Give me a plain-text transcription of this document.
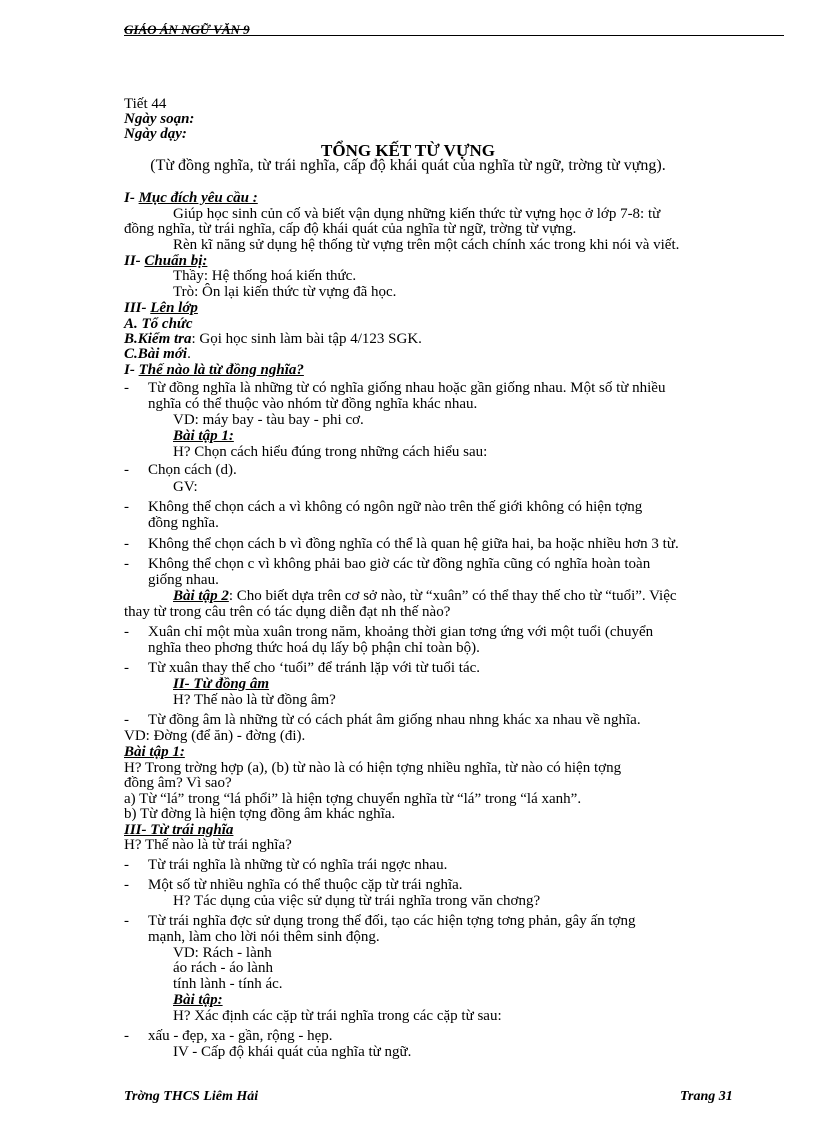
GIÁO ÁN NGỮ VĂN 9
Tiết 44
Ngày soạn:
Ngày dạy:
TỔNG KẾT TỪ VỰNG
(Từ đồng nghĩa, từ trái nghĩa, cấp độ khái quát của nghĩa từ ngữ, trờng từ vựng).
I- Mục đích yêu cầu :
Giúp học sinh củn cố và biết vận dụng những kiến thức từ vựng học ở lớp 7-8: từ
đồng nghĩa, từ trái nghĩa, cấp độ khái quát của nghĩa từ ngữ, trờng từ vựng.
Rèn kĩ năng sử dụng hệ thống từ vựng trên một cách chính xác trong khi nói và viết.
II- Chuẩn bị:
Thầy: Hệ thống hoá kiến thức.
Trò: Ôn lại kiến thức từ vựng đã học.
III- Lên lớp
A. Tổ chức
B.Kiểm tra: Gọi học sinh làm bài tập 4/123 SGK.
C.Bài mới.
I- Thế nào là từ đồng nghĩa?
- Từ đồng nghĩa là những từ có nghĩa giống nhau hoặc gần giống nhau. Một số từ nhiều
nghĩa có thể thuộc vào nhóm từ đồng nghĩa khác nhau.
VD: máy bay - tàu bay - phi cơ.
Bài tập 1:
H? Chọn cách hiểu đúng trong những cách hiểu sau:
- Chọn cách (d).
GV:
- Không thể chọn cách a vì không có ngôn ngữ nào trên thế giới không có hiện tợng
đồng nghĩa.
- Không thể chọn cách b vì đồng nghĩa có thể là quan hệ giữa hai, ba hoặc nhiều hơn 3 từ.
- Không thể chọn c vì không phải bao giờ các từ đồng nghĩa cũng có nghĩa hoàn toàn
giống nhau.
Bài tập 2: Cho biết dựa trên cơ sở nào, từ “xuân” có thể thay thế cho từ “tuổi”. Việc
thay từ trong câu trên có tác dụng diễn đạt nh thế nào?
- Xuân chỉ một mùa xuân trong năm, khoảng thời gian tơng ứng với một tuổi (chuyển
nghĩa theo phơng thức hoá dụ lấy bộ phận chỉ toàn bộ).
- Từ xuân thay thế cho ‘tuổi” để tránh lặp với từ tuổi tác.
II- Từ đồng âm
H? Thế nào là từ đồng âm?
- Từ đồng âm là những từ có cách phát âm giống nhau nhng khác xa nhau về nghĩa.
VD: Đờng (để ăn) - đờng (đi).
Bài tập 1:
H? Trong trờng hợp (a), (b) từ nào là có hiện tợng nhiều nghĩa, từ nào có hiện tợng
đồng âm? Vì sao?
a) Từ “lá” trong “lá phổi” là hiện tợng chuyển nghĩa từ “lá” trong “lá xanh”.
b) Từ đờng là hiện tợng đồng âm khác nghĩa.
III- Từ trái nghĩa
H? Thế nào là từ trái nghĩa?
- Từ trái nghĩa là những từ có nghĩa trái ngợc nhau.
- Một số từ nhiều nghĩa có thể thuộc cặp từ trái nghĩa.
H? Tác dụng của việc sử dụng từ trái nghĩa trong văn chơng?
- Từ trái nghĩa đợc sử dụng trong thể đối, tạo các hiện tợng tơng phản, gây ấn tợng
mạnh, làm cho lời nói thêm sinh động.
VD: Rách - lành
áo rách - áo lành
tính lành - tính ác.
Bài tập:
H? Xác định các cặp từ trái nghĩa trong các cặp từ sau:
- xấu - đẹp, xa - gần, rộng - hẹp.
IV - Cấp độ khái quát của nghĩa từ ngữ.
Trờng THCS Liêm Hải	Trang 31
